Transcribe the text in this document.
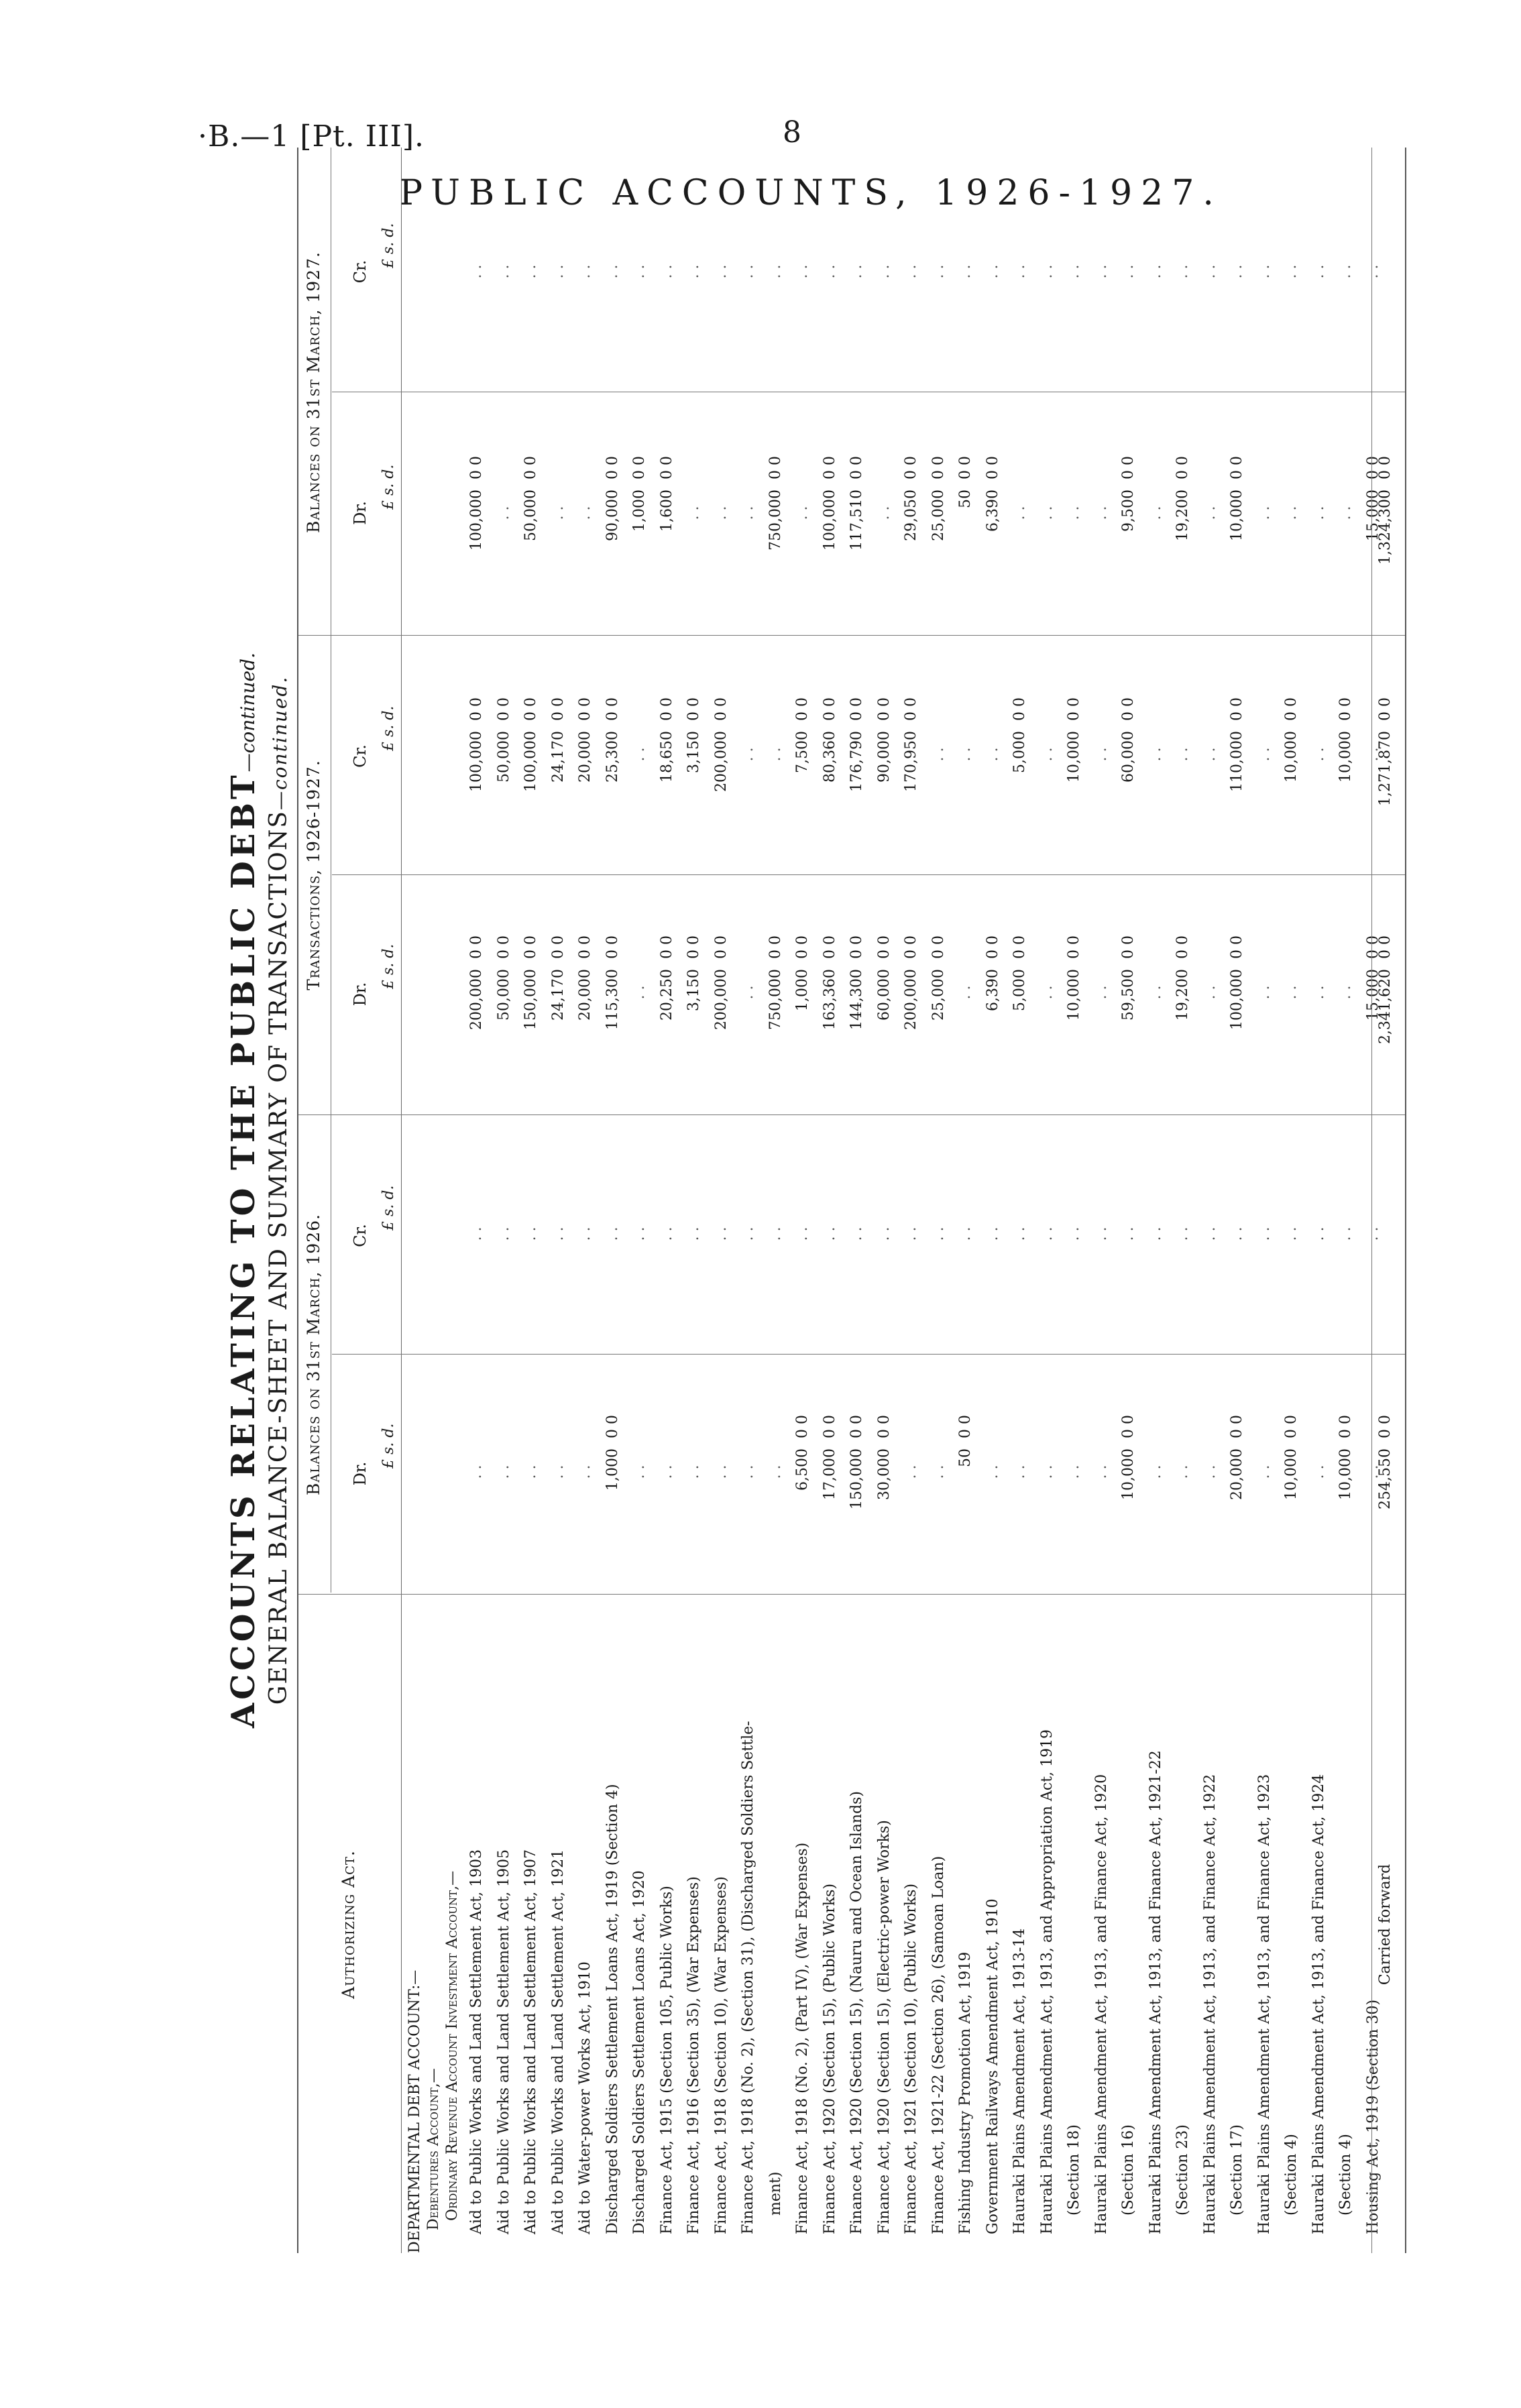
·B.—1 [Pt. III].	8
PUBLIC ACCOUNTS, 1926-1927.
ACCOUNTS RELATING TO THE PUBLIC DEBT—continued.
GENERAL BALANCE-SHEET AND SUMMARY OF TRANSACTIONS—continued.
Authorizing Act.
Balances on 31st March, 1926.
Transactions, 1926-1927.
Balances on 31st March, 1927.
Dr.
Cr.
Dr.
Cr.
Dr.
Cr.
£ s. d.
£ s. d.
£ s. d.
£ s. d.
£ s. d.
£ s. d.
DEPARTMENTAL DEBT ACCOUNT:— Debentures Account,— Ordinary Revenue Account Investment Account,— Aid to Public Works and Land Settlement Act, 1903
. .
. .
200,000
0 0
100,000
0 0
100,000
0 0
. .
Aid to Public Works and Land Settlement Act, 1905
. .
. .
50,000
0 0
50,000
0 0
. .
. .
Aid to Public Works and Land Settlement Act, 1907
. .
. .
150,000
0 0
100,000
0 0
50,000
0 0
. .
Aid to Public Works and Land Settlement Act, 1921
. .
. .
24,170
0 0
24,170
0 0
. .
. .
Aid to Water-power Works Act, 1910
. .
. .
20,000
0 0
20,000
0 0
. .
. .
Discharged Soldiers Settlement Loans Act, 1919 (Section 4)
1,000
0 0
. .
115,300
0 0
25,300
0 0
90,000
0 0
. .
Discharged Soldiers Settlement Loans Act, 1920
. .
. .
. .
. .
1,000
0 0
. .
Finance Act, 1915 (Section 105, Public Works)
. .
. .
20,250
0 0
18,650
0 0
1,600
0 0
. .
Finance Act, 1916 (Section 35), (War Expenses)
. .
. .
3,150
0 0
3,150
0 0
. .
. .
Finance Act, 1918 (Section 10), (War Expenses)
. .
. .
200,000
0 0
200,000
0 0
. .
. .
Finance Act, 1918 (No. 2), (Section 31), (Discharged Soldiers Settle-
. .
. .
. .
. .
. .
. .
ment)
. .
. .
750,000
0 0
. .
750,000
0 0
. .
Finance Act, 1918 (No. 2), (Part IV), (War Expenses)
6,500
0 0
. .
1,000
0 0
7,500
0 0
. .
. .
Finance Act, 1920 (Section 15), (Public Works)
17,000
0 0
. .
163,360
0 0
80,360
0 0
100,000
0 0
. .
Finance Act, 1920 (Section 15), (Nauru and Ocean Islands)
150,000
0 0
. .
144,300
0 0
176,790
0 0
117,510
0 0
. .
Finance Act, 1920 (Section 15), (Electric-power Works)
30,000
0 0
. .
60,000
0 0
90,000
0 0
. .
. .
Finance Act, 1921 (Section 10), (Public Works)
. .
. .
200,000
0 0
170,950
0 0
29,050
0 0
. .
Finance Act, 1921-22 (Section 26), (Samoan Loan)
. .
. .
25,000
0 0
. .
25,000
0 0
. .
Fishing Industry Promotion Act, 1919
50
0 0
. .
. .
. .
50
0 0
. .
Government Railways Amendment Act, 1910
. .
. .
6,390
0 0
. .
6,390
0 0
. .
Hauraki Plains Amendment Act, 1913-14
. .
. .
5,000
0 0
5,000
0 0
. .
. .
Hauraki Plains Amendment Act, 1913, and Appropriation Act, 1919
. .
. .
. .
. .
. .
. .
(Section 18)
. .
. .
10,000
0 0
10,000
0 0
. .
. .
Hauraki Plains Amendment Act, 1913, and Finance Act, 1920
. .
. .
. .
. .
. .
. .
(Section 16)
10,000
0 0
. .
59,500
0 0
60,000
0 0
9,500
0 0
. .
Hauraki Plains Amendment Act, 1913, and Finance Act, 1921-22
. .
. .
. .
. .
. .
. .
(Section 23)
. .
. .
19,200
0 0
. .
19,200
0 0
. .
Hauraki Plains Amendment Act, 1913, and Finance Act, 1922
. .
. .
. .
. .
. .
. .
(Section 17)
20,000
0 0
. .
100,000
0 0
110,000
0 0
10,000
0 0
. .
Hauraki Plains Amendment Act, 1913, and Finance Act, 1923
. .
. .
. .
. .
. .
. .
(Section 4)
10,000
0 0
. .
. .
10,000
0 0
. .
. .
Hauraki Plains Amendment Act, 1913, and Finance Act, 1924
. .
. .
. .
. .
. .
. .
(Section 4)
10,000
0 0
. .
. .
10,000
0 0
. .
. .
Housing Act, 1919 (Section 30)
. .
. .
15,000
0 0
. .
15,000
0 0
. .
Carried forward
254,550
0 0
2,341,620
0 0
1,271,870
0 0
1,324,300
0 0
